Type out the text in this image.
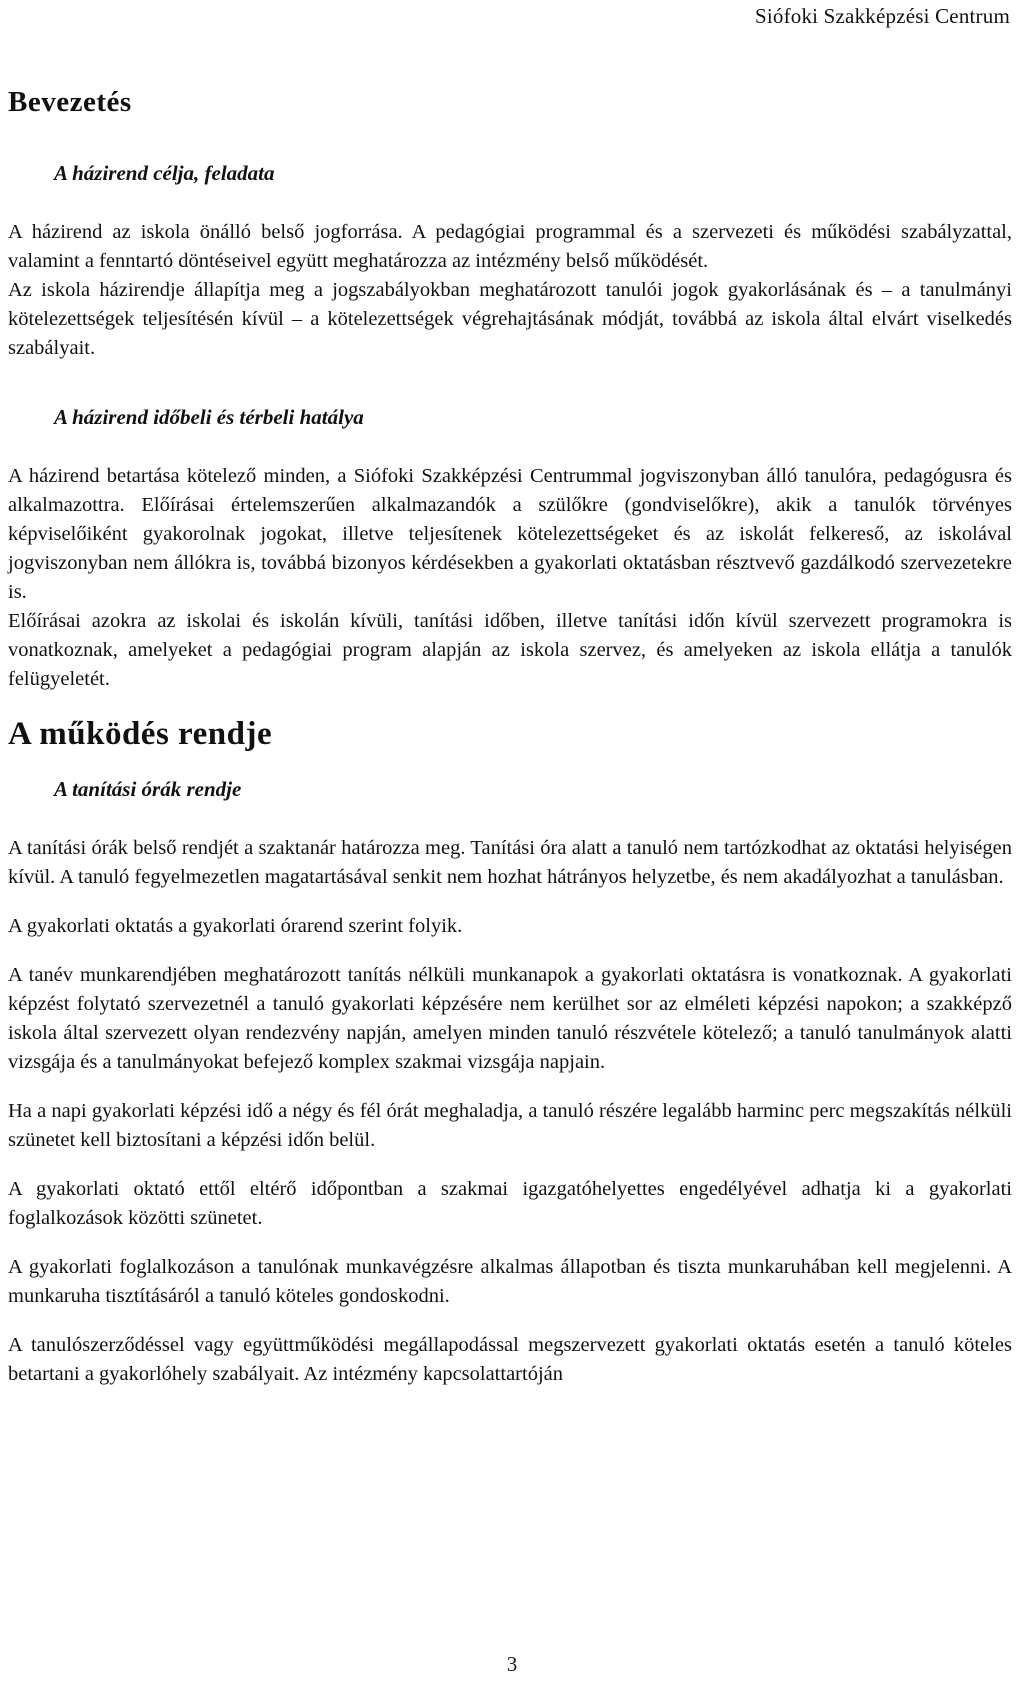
Siófoki Szakképzési Centrum
Bevezetés
A házirend célja, feladata

A házirend az iskola önálló belső jogforrása. A pedagógiai programmal és a szervezeti és működési szabályzattal, valamint a fenntartó döntéseivel együtt meghatározza az intézmény belső működését.

Az iskola házirendje állapítja meg a jogszabályokban meghatározott tanulói jogok gyakorlásának és – a tanulmányi kötelezettségek teljesítésén kívül – a kötelezettségek végrehajtásának módját, továbbá az iskola által elvárt viselkedés szabályait.

A házirend időbeli és térbeli hatálya

A házirend betartása kötelező minden, a Siófoki Szakképzési Centrummal jogviszonyban álló tanulóra, pedagógusra és alkalmazottra. Előírásai értelemszerűen alkalmazandók a szülőkre (gondviselőkre), akik a tanulók törvényes képviselőiként gyakorolnak jogokat, illetve teljesítenek kötelezettségeket és az iskolát felkereső, az iskolával jogviszonyban nem állókra is, továbbá bizonyos kérdésekben a gyakorlati oktatásban résztvevő gazdálkodó szervezetekre is.

Előírásai azokra az iskolai és iskolán kívüli, tanítási időben, illetve tanítási időn kívül szervezett programokra is vonatkoznak, amelyeket a pedagógiai program alapján az iskola szervez, és amelyeken az iskola ellátja a tanulók felügyeletét.

A működés rendje
A tanítási órák rendje

A tanítási órák belső rendjét a szaktanár határozza meg. Tanítási óra alatt a tanuló nem tartózkodhat az oktatási helyiségen kívül. A tanuló fegyelmezetlen magatartásával senkit nem hozhat hátrányos helyzetbe, és nem akadályozhat a tanulásban.

A gyakorlati oktatás a gyakorlati órarend szerint folyik.

A tanév munkarendjében meghatározott tanítás nélküli munkanapok a gyakorlati oktatásra is vonatkoznak. A gyakorlati képzést folytató szervezetnél a tanuló gyakorlati képzésére nem kerülhet sor az elméleti képzési napokon; a szakképző iskola által szervezett olyan rendezvény napján, amelyen minden tanuló részvétele kötelező; a tanuló tanulmányok alatti vizsgája és a tanulmányokat befejező komplex szakmai vizsgája napjain.

Ha a napi gyakorlati képzési idő a négy és fél órát meghaladja, a tanuló részére legalább harminc perc megszakítás nélküli szünetet kell biztosítani a képzési időn belül.

A gyakorlati oktató ettől eltérő időpontban a szakmai igazgatóhelyettes engedélyével adhatja ki a gyakorlati foglalkozások közötti szünetet.

A gyakorlati foglalkozáson a tanulónak munkavégzésre alkalmas állapotban és tiszta munkaruhában kell megjelenni. A munkaruha tisztításáról a tanuló köteles gondoskodni.

A tanulószerződéssel vagy együttműködési megállapodással megszervezett gyakorlati oktatás esetén a tanuló köteles betartani a gyakorlóhely szabályait. Az intézmény kapcsolattartóján

3
